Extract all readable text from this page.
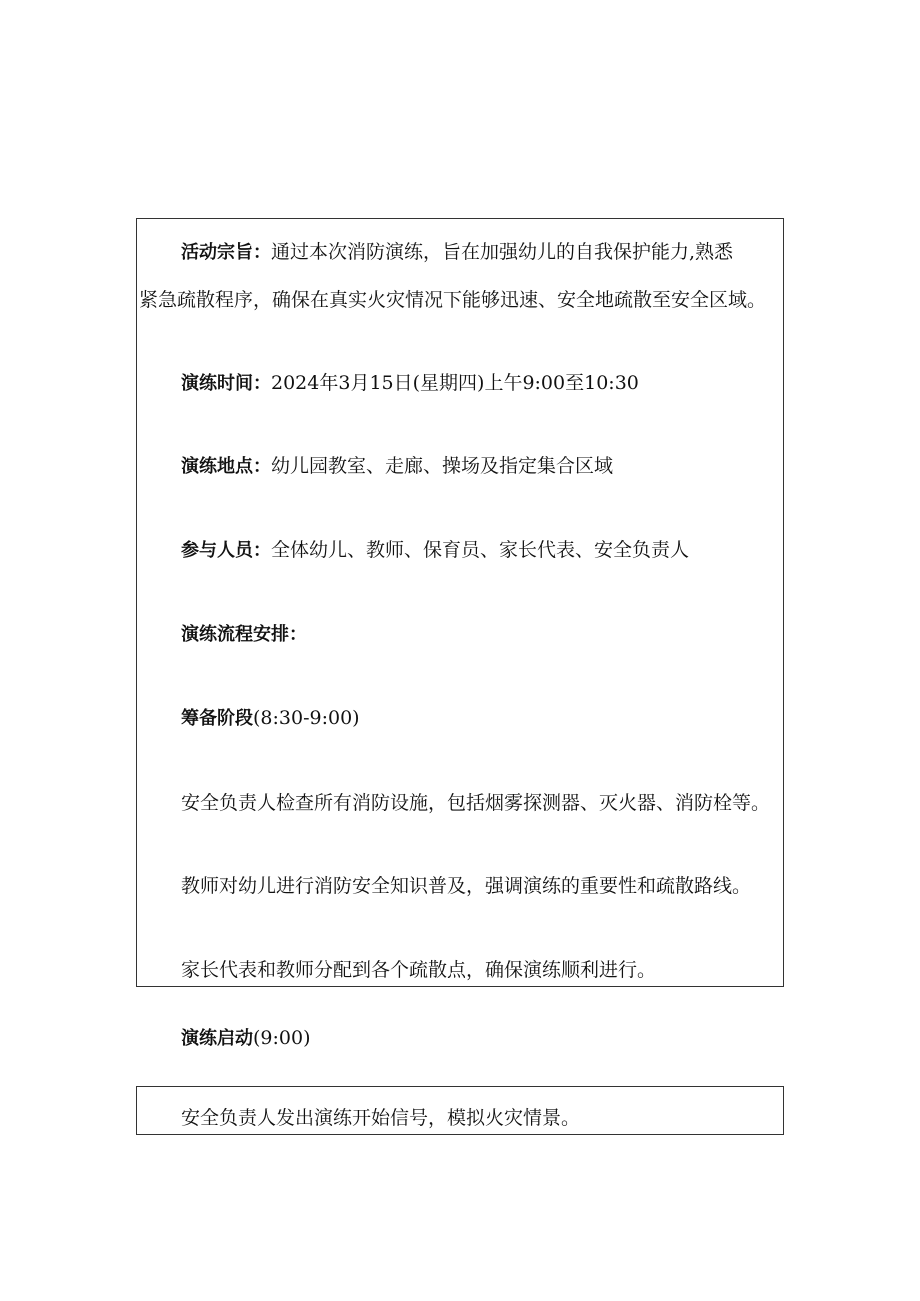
活动宗旨：通过本次消防演练，旨在加强幼儿的自我保护能力,熟悉

紧急疏散程序，确保在真实火灾情况下能够迅速、安全地疏散至安全区域。

演练时间：2024年3月15日(星期四)上午9:00至10:30

演练地点：幼儿园教室、走廊、操场及指定集合区域

参与人员：全体幼儿、教师、保育员、家长代表、安全负责人

演练流程安排：

筹备阶段(8:30-9:00)

安全负责人检查所有消防设施，包括烟雾探测器、灭火器、消防栓等。

教师对幼儿进行消防安全知识普及，强调演练的重要性和疏散路线。

家长代表和教师分配到各个疏散点，确保演练顺利进行。

演练启动(9:00)

安全负责人发出演练开始信号，模拟火灾情景。
